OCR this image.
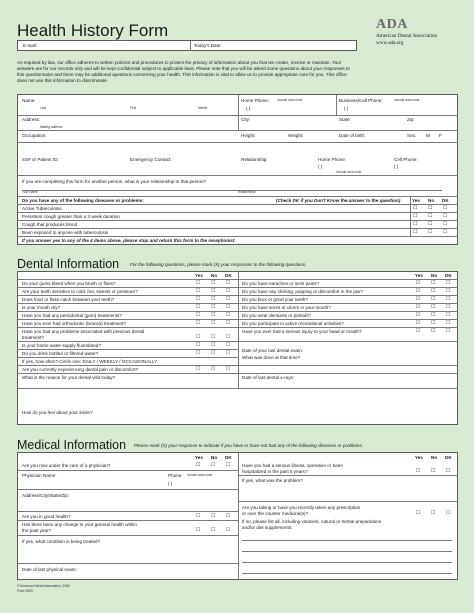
Health History Form	ADA
American Dental Association
www.ada.org
E-mail:	Today's Date:
As required by law, our office adheres to written policies and procedures to protect the privacy of information about you that we create, receive or maintain. Your
answers are for our records only and will be kept confidential subject to applicable laws. Please note that you will be asked some questions about your responses to
this questionnaire and there may be additional questions concerning your health. This information is vital to allow us to provide appropriate care for you. This office
does not use this information to discriminate.
Name:
Last	First	Middle
Home Phone: Include area code
( )
Business/Cell Phone:	Include area code
( )
Address:
Mailing address
City:	State:	Zip:
Occupation:	Height:	Weight:	Date of birth:	Sex: M F
SS# or Patient ID:	Emergency Contact:	Relationship:	Home Phone:
( )
Include area code
Cell Phone:
( )
If you are completing this form for another person, what is your relationship to that person?
Your Name	Relationship
Do you have any of the following diseases or problems:	(Check DK if you Don't Know the answer to the question)	Yes No DK
Active Tuberculosis	☐ ☐ ☐
Persistent cough greater than a 3 week duration	☐ ☐ ☐
Cough that produces blood	☐ ☐ ☐
Been exposed to anyone with tuberculosis	☐ ☐ ☐
If you answer yes to any of the 4 items above, please stop and return this form to the receptionist.
Dental Information For the following questions, please mark (X) your responses to the following questions.
Yes No DK	Yes No DK
Do your gums bleed when you brush or floss?	☐ ☐ ☐
Are your teeth sensitive to cold, hot, sweets or pressure?	☐ ☐ ☐
Does food or floss catch between your teeth?	☐ ☐ ☐
Is your mouth dry?	☐ ☐ ☐
Have you had any periodontal (gum) treatments?	☐ ☐ ☐
Have you ever had orthodontic (braces) treatment?	☐ ☐ ☐
Have you had any problems associated with previous dental
treatment?	☐ ☐ ☐
Is your home water supply fluoridated?	☐ ☐ ☐
Do you drink bottled or filtered water?	☐ ☐ ☐
If yes, how often? Circle one: DAILY / WEEKLY / OCCASIONALLY
Are you currently experiencing dental pain or discomfort?	☐ ☐ ☐
Do you have earaches or neck pains?	☐ ☐ ☐
Do you have any clicking, popping or discomfort in the jaw?	☐ ☐ ☐
Do you brux or grind your teeth?	☐ ☐ ☐
Do you have sores or ulcers in your mouth?	☐ ☐ ☐
Do you wear dentures or partials?	☐ ☐ ☐
Do you participate in active recreational activities?	☐ ☐ ☐
Have you ever had a serious injury to your head or mouth?	☐ ☐ ☐
Date of your last dental exam:
What was done at that time?
Date of last dental x-rays:
What is the reason for your dental visit today?
How do you feel about your smile?
Medical Information Please mark (X) your response to indicate if you have or have not had any of the following diseases or problems.
Yes No DK	Yes No DK
Are you now under the care of a physician?	☐ ☐ ☐
Physician Name:	Phone: include area code
( )
Address/City/State/Zip:
Are you in good health?	☐ ☐ ☐
Has there been any change in your general health within
the past year?	☐ ☐ ☐
If yes, what condition is being treated?
Date of last physical exam:
Have you had a serious illness, operation or been
hospitalized in the past 5 years?	☐ ☐ ☐
If yes, what was the problem?
Are you taking or have you recently taken any prescription
or over the counter medicine(s)?	☐ ☐ ☐
If so, please list all, including vitamins, natural or herbal preparations
and/or diet supplements:
© American Dental Association, 2006
Form S500
